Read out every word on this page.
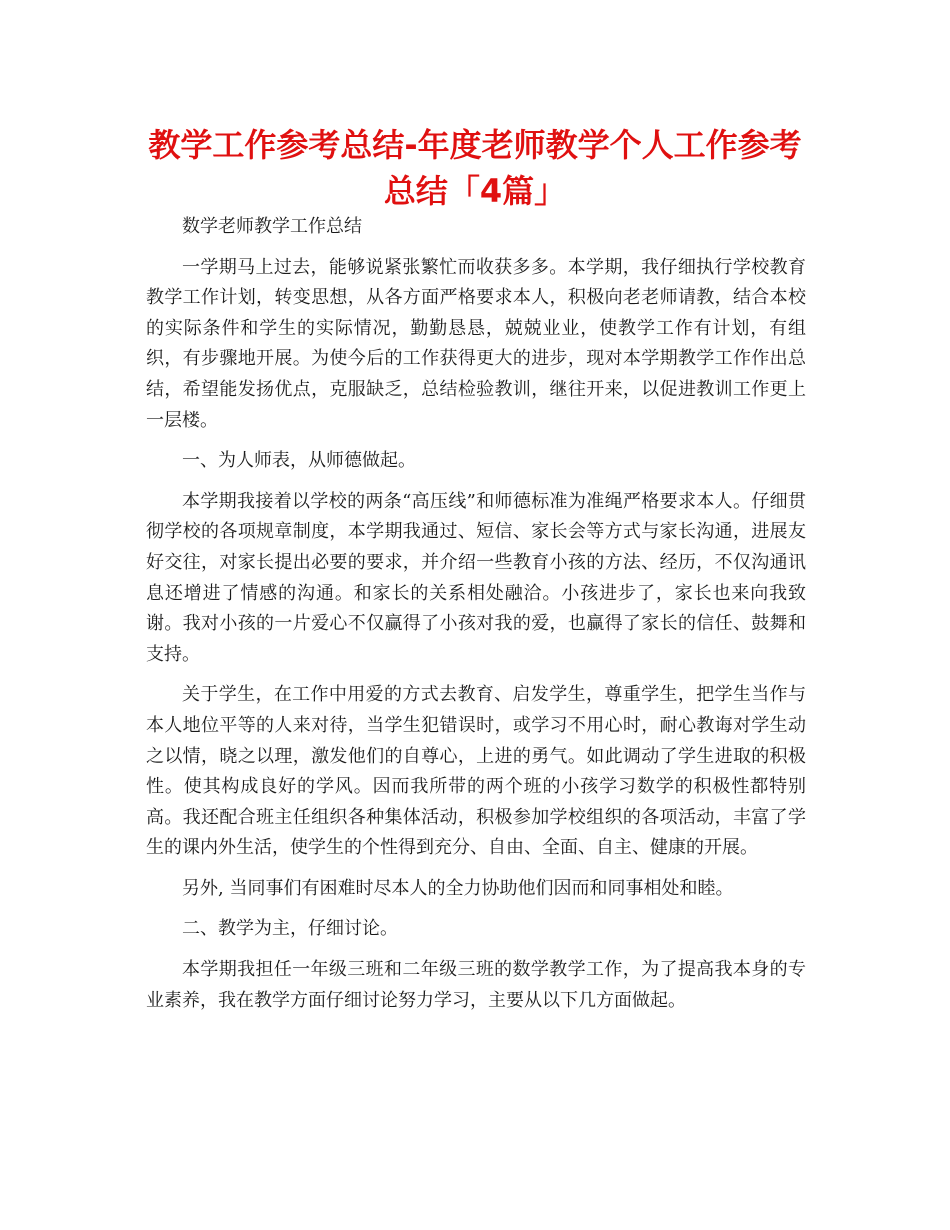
教学工作参考总结-年度老师教学个人工作参考总结「4篇」

数学老师教学工作总结

一学期马上过去，能够说紧张繁忙而收获多多。本学期，我仔细执行学校教育教学工作计划，转变思想，从各方面严格要求本人，积极向老老师请教，结合本校的实际条件和学生的实际情况，勤勤恳恳，兢兢业业，使教学工作有计划，有组织，有步骤地开展。为使今后的工作获得更大的进步，现对本学期教学工作作出总结，希望能发扬优点，克服缺乏，总结检验教训，继往开来，以促进教训工作更上一层楼。

一、为人师表，从师德做起。

本学期我接着以学校的两条“高压线”和师德标准为准绳严格要求本人。仔细贯彻学校的各项规章制度，本学期我通过、短信、家长会等方式与家长沟通，进展友好交往，对家长提出必要的要求，并介绍一些教育小孩的方法、经历，不仅沟通讯息还增进了情感的沟通。和家长的关系相处融洽。小孩进步了，家长也来向我致谢。我对小孩的一片爱心不仅赢得了小孩对我的爱，也赢得了家长的信任、鼓舞和支持。

关于学生，在工作中用爱的方式去教育、启发学生，尊重学生，把学生当作与本人地位平等的人来对待，当学生犯错误时，或学习不用心时，耐心教诲对学生动之以情，晓之以理，激发他们的自尊心，上进的勇气。如此调动了学生进取的积极性。使其构成良好的学风。因而我所带的两个班的小孩学习数学的积极性都特别高。我还配合班主任组织各种集体活动，积极参加学校组织的各项活动，丰富了学生的课内外生活，使学生的个性得到充分、自由、全面、自主、健康的开展。

另外, 当同事们有困难时尽本人的全力协助他们因而和同事相处和睦。

二、教学为主，仔细讨论。

本学期我担任一年级三班和二年级三班的数学教学工作，为了提高我本身的专业素养，我在教学方面仔细讨论努力学习，主要从以下几方面做起。
